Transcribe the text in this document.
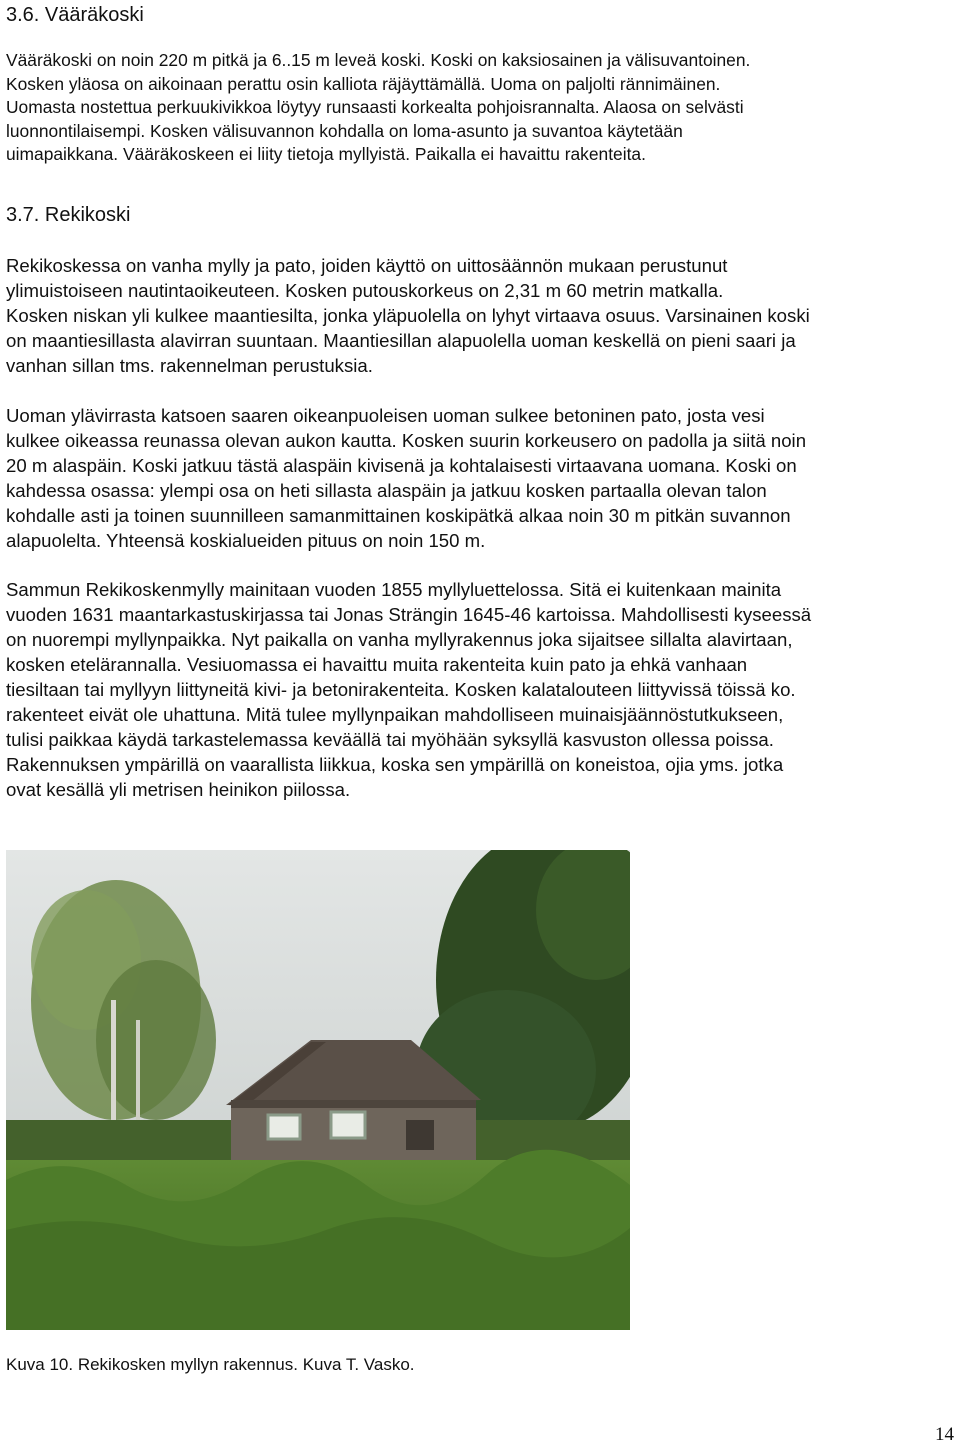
3.6. Vääräkoski
Vääräkoski on noin 220 m pitkä ja 6..15 m leveä koski. Koski on kaksiosainen ja välisuvantoinen.
Kosken yläosa on aikoinaan perattu osin kalliota räjäyttämällä. Uoma on paljolti rännimäinen.
Uomasta nostettua perkuukivikkoa löytyy runsaasti korkealta pohjoisrannalta. Alaosa on selvästi
luonnontilaisempi. Kosken välisuvannon kohdalla on loma-asunto ja suvantoa käytetään
uimapaikkana. Vääräkoskeen ei liity tietoja myllyistä. Paikalla ei havaittu rakenteita.
3.7. Rekikoski
Rekikoskessa on vanha mylly ja pato, joiden käyttö on uittosäännön mukaan perustunut
ylimuistoiseen nautintaoikeuteen. Kosken putouskorkeus on 2,31 m 60 metrin matkalla.
Kosken niskan yli kulkee maantiesilta, jonka yläpuolella on lyhyt virtaava osuus. Varsinainen koski
on maantiesillasta alavirran suuntaan. Maantiesillan alapuolella uoman keskellä on pieni saari ja
vanhan sillan tms. rakennelman perustuksia.
Uoman ylävirrasta katsoen saaren oikeanpuoleisen uoman sulkee betoninen pato, josta vesi
kulkee oikeassa reunassa olevan aukon kautta. Kosken suurin korkeusero on padolla ja siitä noin
20 m alaspäin. Koski jatkuu tästä alaspäin kivisenä ja kohtalaisesti virtaavana uomana. Koski on
kahdessa osassa: ylempi osa on heti sillasta alaspäin ja jatkuu kosken partaalla olevan talon
kohdalle asti ja toinen suunnilleen samanmittainen koskipätkä alkaa noin 30 m pitkän suvannon
alapuolelta. Yhteensä koskialueiden pituus on noin 150 m.
Sammun Rekikoskenmylly mainitaan vuoden 1855 myllyluettelossa. Sitä ei kuitenkaan mainita
vuoden 1631 maantarkastuskirjassa tai Jonas Strängin 1645-46 kartoissa. Mahdollisesti kyseessä
on nuorempi myllynpaikka. Nyt paikalla on vanha myllyrakennus joka sijaitsee sillalta alavirtaan,
kosken etelärannalla. Vesiuomassa ei havaittu muita rakenteita kuin pato ja ehkä vanhaan
tiesiltaan tai myllyyn liittyneitä kivi- ja betonirakenteita. Kosken kalatalouteen liittyvissä töissä ko.
rakenteet eivät ole uhattuna. Mitä tulee myllynpaikan mahdolliseen muinaisjäännöstutkukseen,
tulisi paikkaa käydä tarkastelemassa keväällä tai myöhään syksyllä kasvuston ollessa poissa.
Rakennuksen ympärillä on vaarallista liikkua, koska sen ympärillä on koneistoa, ojia yms. jotka
ovat kesällä yli metrisen heinikon piilossa.
Kuva 10. Rekikosken myllyn rakennus. Kuva T. Vasko.
14
